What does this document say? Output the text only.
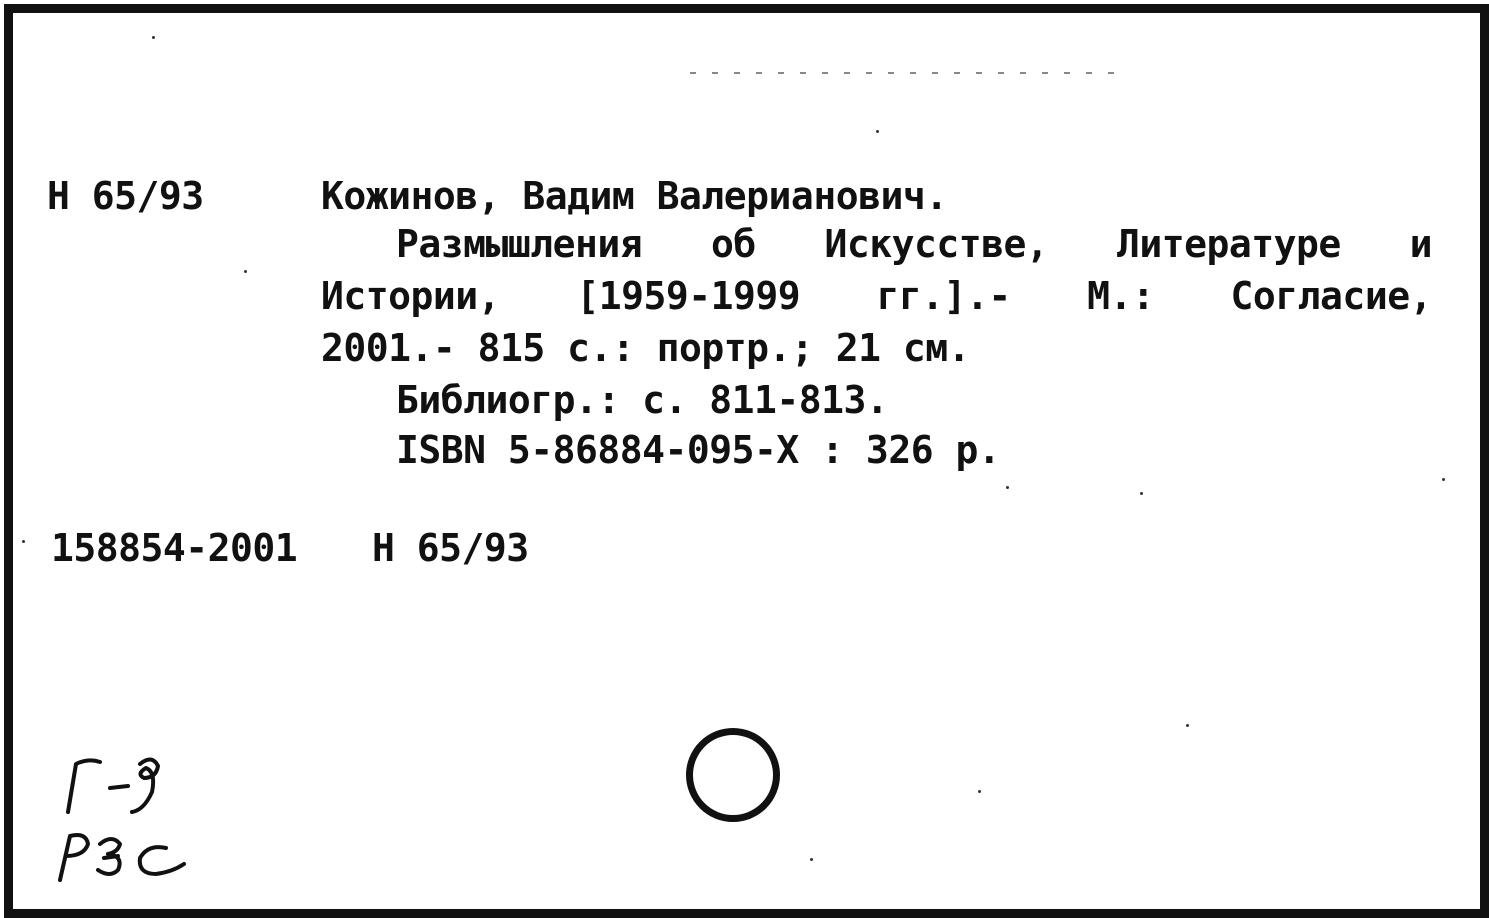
Н 65/93	Кожинов, Вадим Валерианович.
Размышления об Искусстве, Литературе и
Истории, [1959-1999 гг.].- М.: Согласие,
2001.- 815 с.: портр.; 21 см.
Библиогр.: с. 811-813.
ISBN 5-86884-095-X : 326 р.
158854-2001 Н 65/93
